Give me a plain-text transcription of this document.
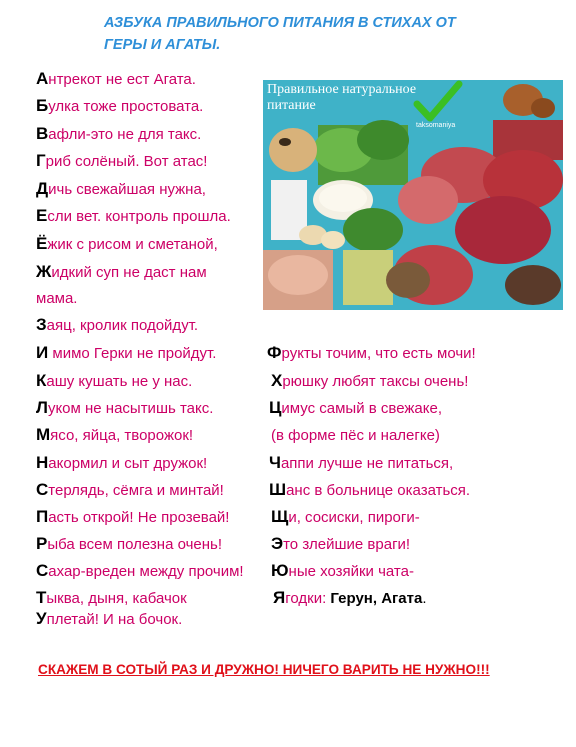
АЗБУКА ПРАВИЛЬНОГО ПИТАНИЯ В СТИХАХ ОТ
ГЕРЫ И АГАТЫ.
Антрекот не ест Агата.
Булка тоже простовата.
Вафли-это не для такс.
Гриб солёный. Вот атас!
Дичь свежайшая нужна,
Если вет. контроль прошла.
Ёжик с рисом и сметаной,
Жидкий суп не даст нам
мама.
Заяц, кролик подойдут.
И мимо Герки не пройдут.
Кашу кушать не у нас.
Луком не насытишь такс.
Мясо, яйца, творожок!
Накормил и сыт дружок!
Стерлядь, сёмга и минтай!
Пасть открой! Не прозевай!
Рыба всем полезна очень!
Сахар-вреден между прочим!
Тыква, дыня, кабачок
Уплетай! И на бочок.
Фрукты точим, что есть мочи!
Хрюшку любят таксы очень!
Цимус самый в свежаке,
(в форме пёс и налегке)
Чаппи лучше не питаться,
Шанс в больнице оказаться.
Щи, сосиски, пироги-
Это злейшие враги!
Юные хозяйки чата-
Ягодки: Герун, Агата.
Правильное натуральное
питание
taksomaniya
СКАЖЕМ В СОТЫЙ РАЗ И ДРУЖНО! НИЧЕГО ВАРИТЬ НЕ НУЖНО!!!
